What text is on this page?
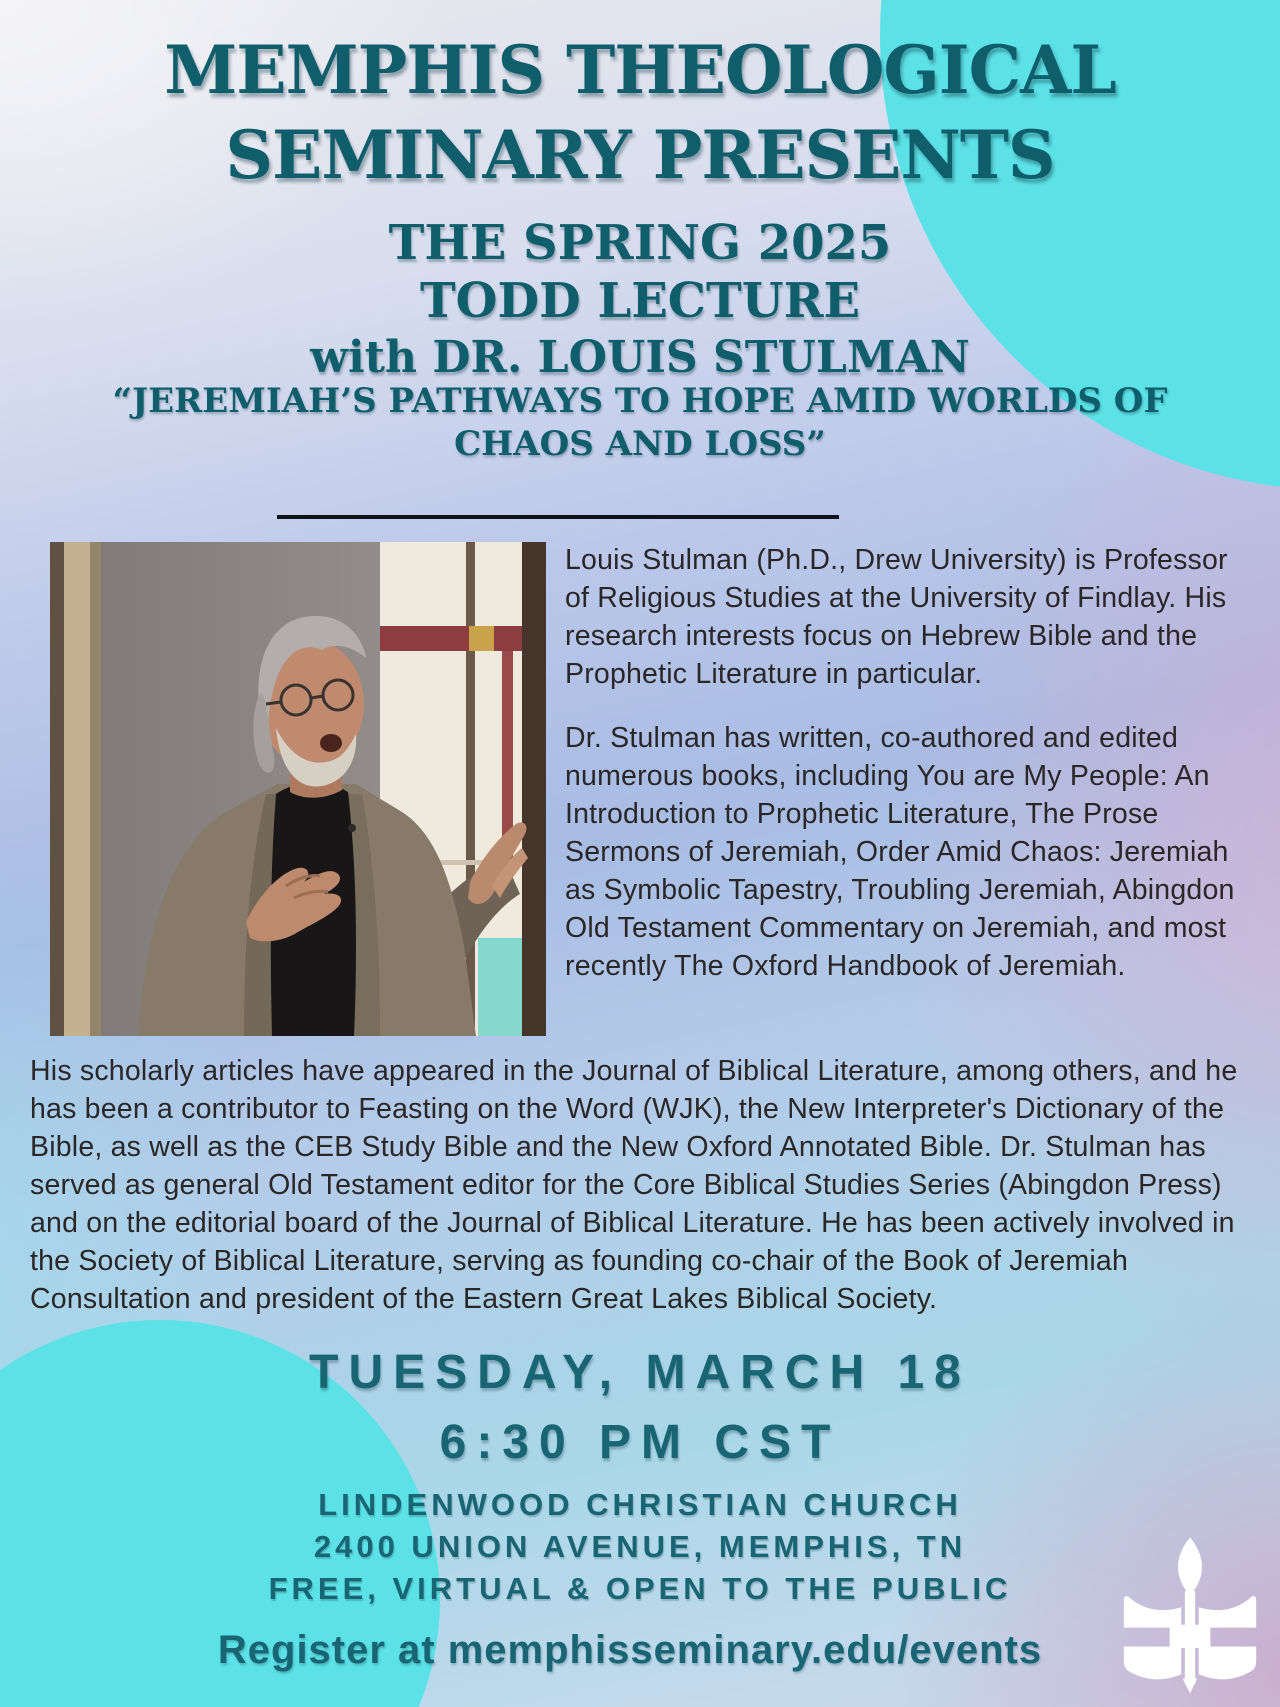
MEMPHIS THEOLOGICAL
SEMINARY PRESENTS
THE SPRING 2025
TODD LECTURE
with DR. LOUIS STULMAN
“JEREMIAH’S PATHWAYS TO HOPE AMID WORLDS OF
CHAOS AND LOSS”

Louis Stulman (Ph.D., Drew University) is Professor of Religious Studies at the University of Findlay. His research interests focus on Hebrew Bible and the Prophetic Literature in particular.

Dr. Stulman has written, co-authored and edited numerous books, including You are My People: An Introduction to Prophetic Literature, The Prose Sermons of Jeremiah, Order Amid Chaos: Jeremiah as Symbolic Tapestry, Troubling Jeremiah, Abingdon Old Testament Commentary on Jeremiah, and most recently The Oxford Handbook of Jeremiah.

His scholarly articles have appeared in the Journal of Biblical Literature, among others, and he has been a contributor to Feasting on the Word (WJK), the New Interpreter's Dictionary of the Bible, as well as the CEB Study Bible and the New Oxford Annotated Bible. Dr. Stulman has served as general Old Testament editor for the Core Biblical Studies Series (Abingdon Press) and on the editorial board of the Journal of Biblical Literature. He has been actively involved in the Society of Biblical Literature, serving as founding co-chair of the Book of Jeremiah Consultation and president of the Eastern Great Lakes Biblical Society.

TUESDAY, MARCH 18
6:30 PM CST
LINDENWOOD CHRISTIAN CHURCH
2400 UNION AVENUE, MEMPHIS, TN
FREE, VIRTUAL & OPEN TO THE PUBLIC
Register at memphisseminary.edu/events
